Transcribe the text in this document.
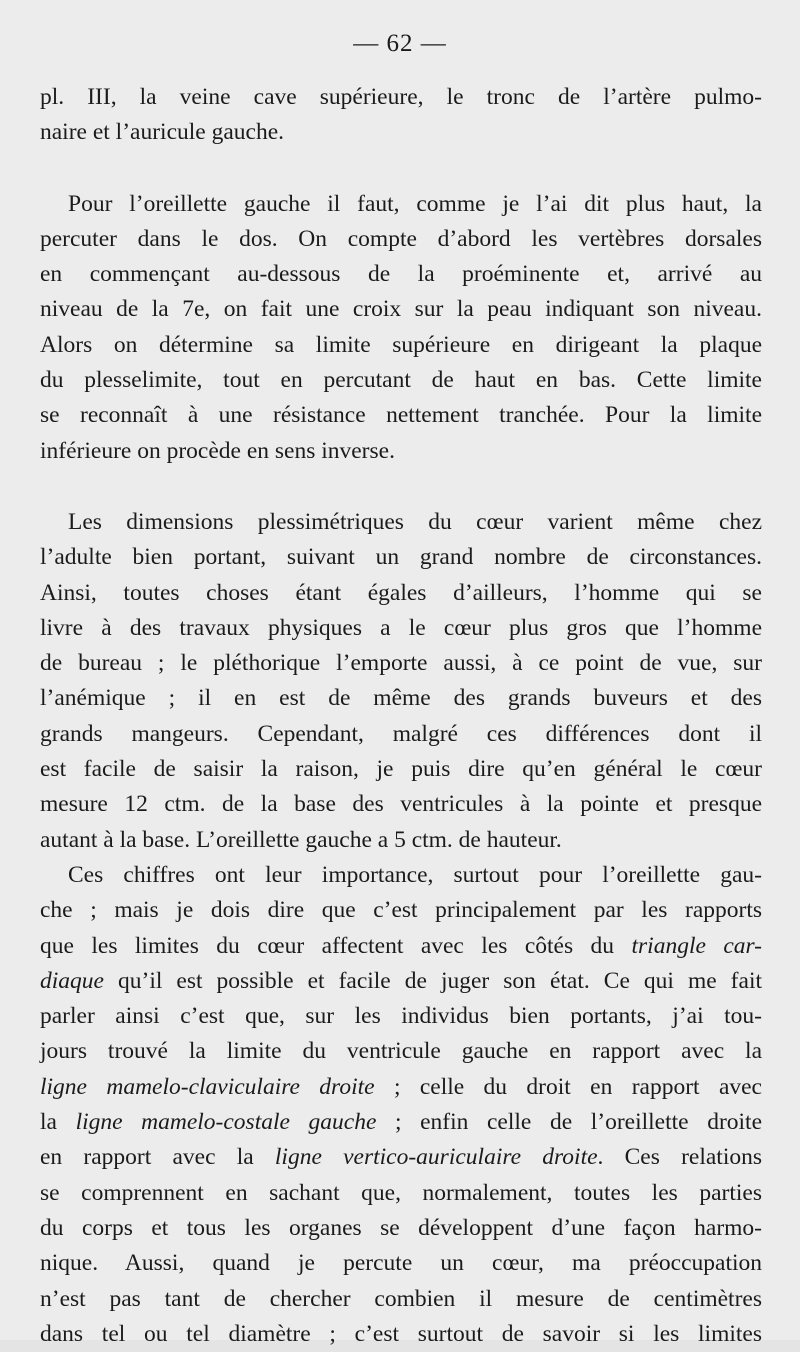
— 62 —
pl. III, la veine cave supérieure, le tronc de l’artère pulmo-
naire et l’auricule gauche.
Pour l’oreillette gauche il faut, comme je l’ai dit plus haut, la
percuter dans le dos. On compte d’abord les vertèbres dorsales
en commençant au-dessous de la proéminente et, arrivé au
niveau de la 7e, on fait une croix sur la peau indiquant son niveau.
Alors on détermine sa limite supérieure en dirigeant la plaque
du plesselimite, tout en percutant de haut en bas. Cette limite
se reconnaît à une résistance nettement tranchée. Pour la limite
inférieure on procède en sens inverse.
Les dimensions plessimétriques du cœur varient même chez
l’adulte bien portant, suivant un grand nombre de circonstances.
Ainsi, toutes choses étant égales d’ailleurs, l’homme qui se
livre à des travaux physiques a le cœur plus gros que l’homme
de bureau ; le pléthorique l’emporte aussi, à ce point de vue, sur
l’anémique ; il en est de même des grands buveurs et des
grands mangeurs. Cependant, malgré ces différences dont il
est facile de saisir la raison, je puis dire qu’en général le cœur
mesure 12 ctm. de la base des ventricules à la pointe et presque
autant à la base. L’oreillette gauche a 5 ctm. de hauteur.
Ces chiffres ont leur importance, surtout pour l’oreillette gau-
che ; mais je dois dire que c’est principalement par les rapports
que les limites du cœur affectent avec les côtés du triangle car-
diaque qu’il est possible et facile de juger son état. Ce qui me fait
parler ainsi c’est que, sur les individus bien portants, j’ai tou-
jours trouvé la limite du ventricule gauche en rapport avec la
ligne mamelo-claviculaire droite ; celle du droit en rapport avec
la ligne mamelo-costale gauche ; enfin celle de l’oreillette droite
en rapport avec la ligne vertico-auriculaire droite. Ces relations
se comprennent en sachant que, normalement, toutes les parties
du corps et tous les organes se développent d’une façon harmo-
nique. Aussi, quand je percute un cœur, ma préoccupation
n’est pas tant de chercher combien il mesure de centimètres
dans tel ou tel diamètre ; c’est surtout de savoir si les limites
